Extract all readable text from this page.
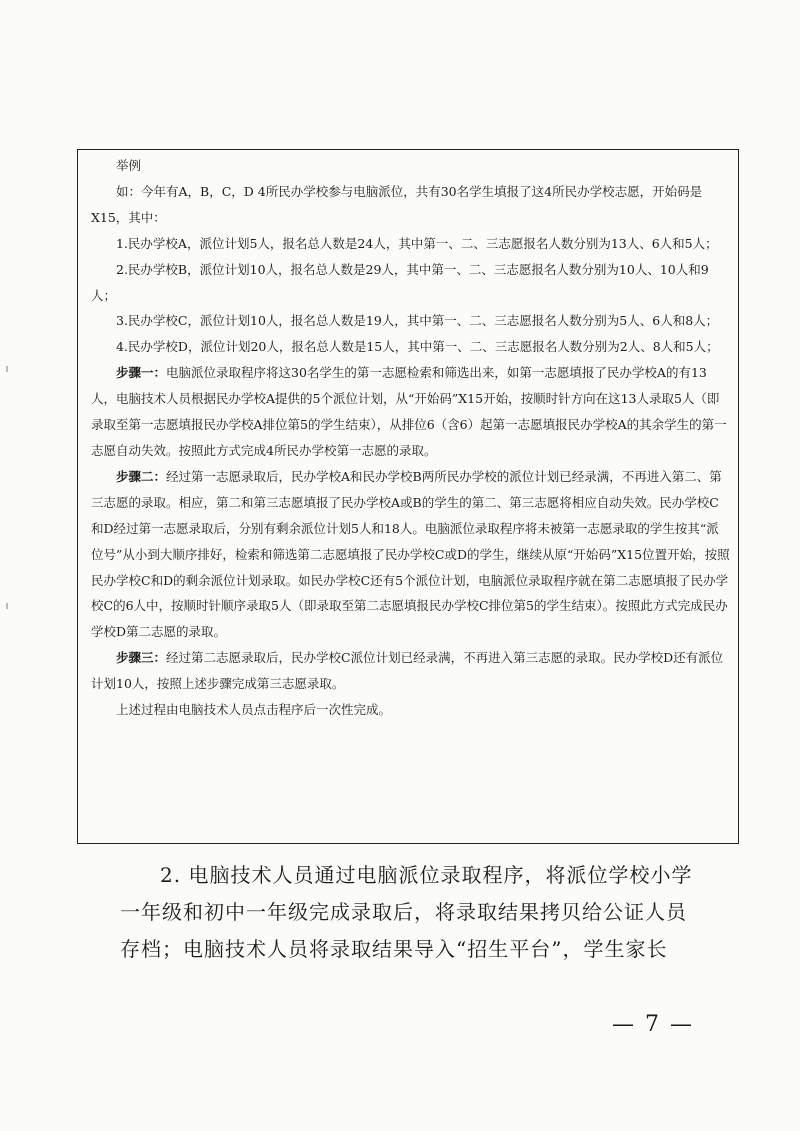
举例

如：今年有A，B，C，D 4所民办学校参与电脑派位，共有30名学生填报了这4所民办学校志愿，开始码是X15，其中：

1.民办学校A，派位计划5人，报名总人数是24人，其中第一、二、三志愿报名人数分别为13人、6人和5人；

2.民办学校B，派位计划10人，报名总人数是29人，其中第一、二、三志愿报名人数分别为10人、10人和9人；

3.民办学校C，派位计划10人，报名总人数是19人，其中第一、二、三志愿报名人数分别为5人、6人和8人；

4.民办学校D，派位计划20人，报名总人数是15人，其中第一、二、三志愿报名人数分别为2人、8人和5人；

步骤一：电脑派位录取程序将这30名学生的第一志愿检索和筛选出来，如第一志愿填报了民办学校A的有13人，电脑技术人员根据民办学校A提供的5个派位计划，从“开始码”X15开始，按顺时针方向在这13人录取5人（即录取至第一志愿填报民办学校A排位第5的学生结束），从排位6（含6）起第一志愿填报民办学校A的其余学生的第一志愿自动失效。按照此方式完成4所民办学校第一志愿的录取。

步骤二：经过第一志愿录取后，民办学校A和民办学校B两所民办学校的派位计划已经录满，不再进入第二、第三志愿的录取。相应，第二和第三志愿填报了民办学校A或B的学生的第二、第三志愿将相应自动失效。民办学校C和D经过第一志愿录取后，分别有剩余派位计划5人和18人。电脑派位录取程序将未被第一志愿录取的学生按其“派位号”从小到大顺序排好，检索和筛选第二志愿填报了民办学校C或D的学生，继续从原“开始码”X15位置开始，按照民办学校C和D的剩余派位计划录取。如民办学校C还有5个派位计划，电脑派位录取程序就在第二志愿填报了民办学校C的6人中，按顺时针顺序录取5人（即录取至第二志愿填报民办学校C排位第5的学生结束）。按照此方式完成民办学校D第二志愿的录取。

步骤三：经过第二志愿录取后，民办学校C派位计划已经录满，不再进入第三志愿的录取。民办学校D还有派位计划10人，按照上述步骤完成第三志愿录取。

上述过程由电脑技术人员点击程序后一次性完成。

2. 电脑技术人员通过电脑派位录取程序，将派位学校小学一年级和初中一年级完成录取后，将录取结果拷贝给公证人员存档；电脑技术人员将录取结果导入“招生平台”，学生家长

— 7 —
